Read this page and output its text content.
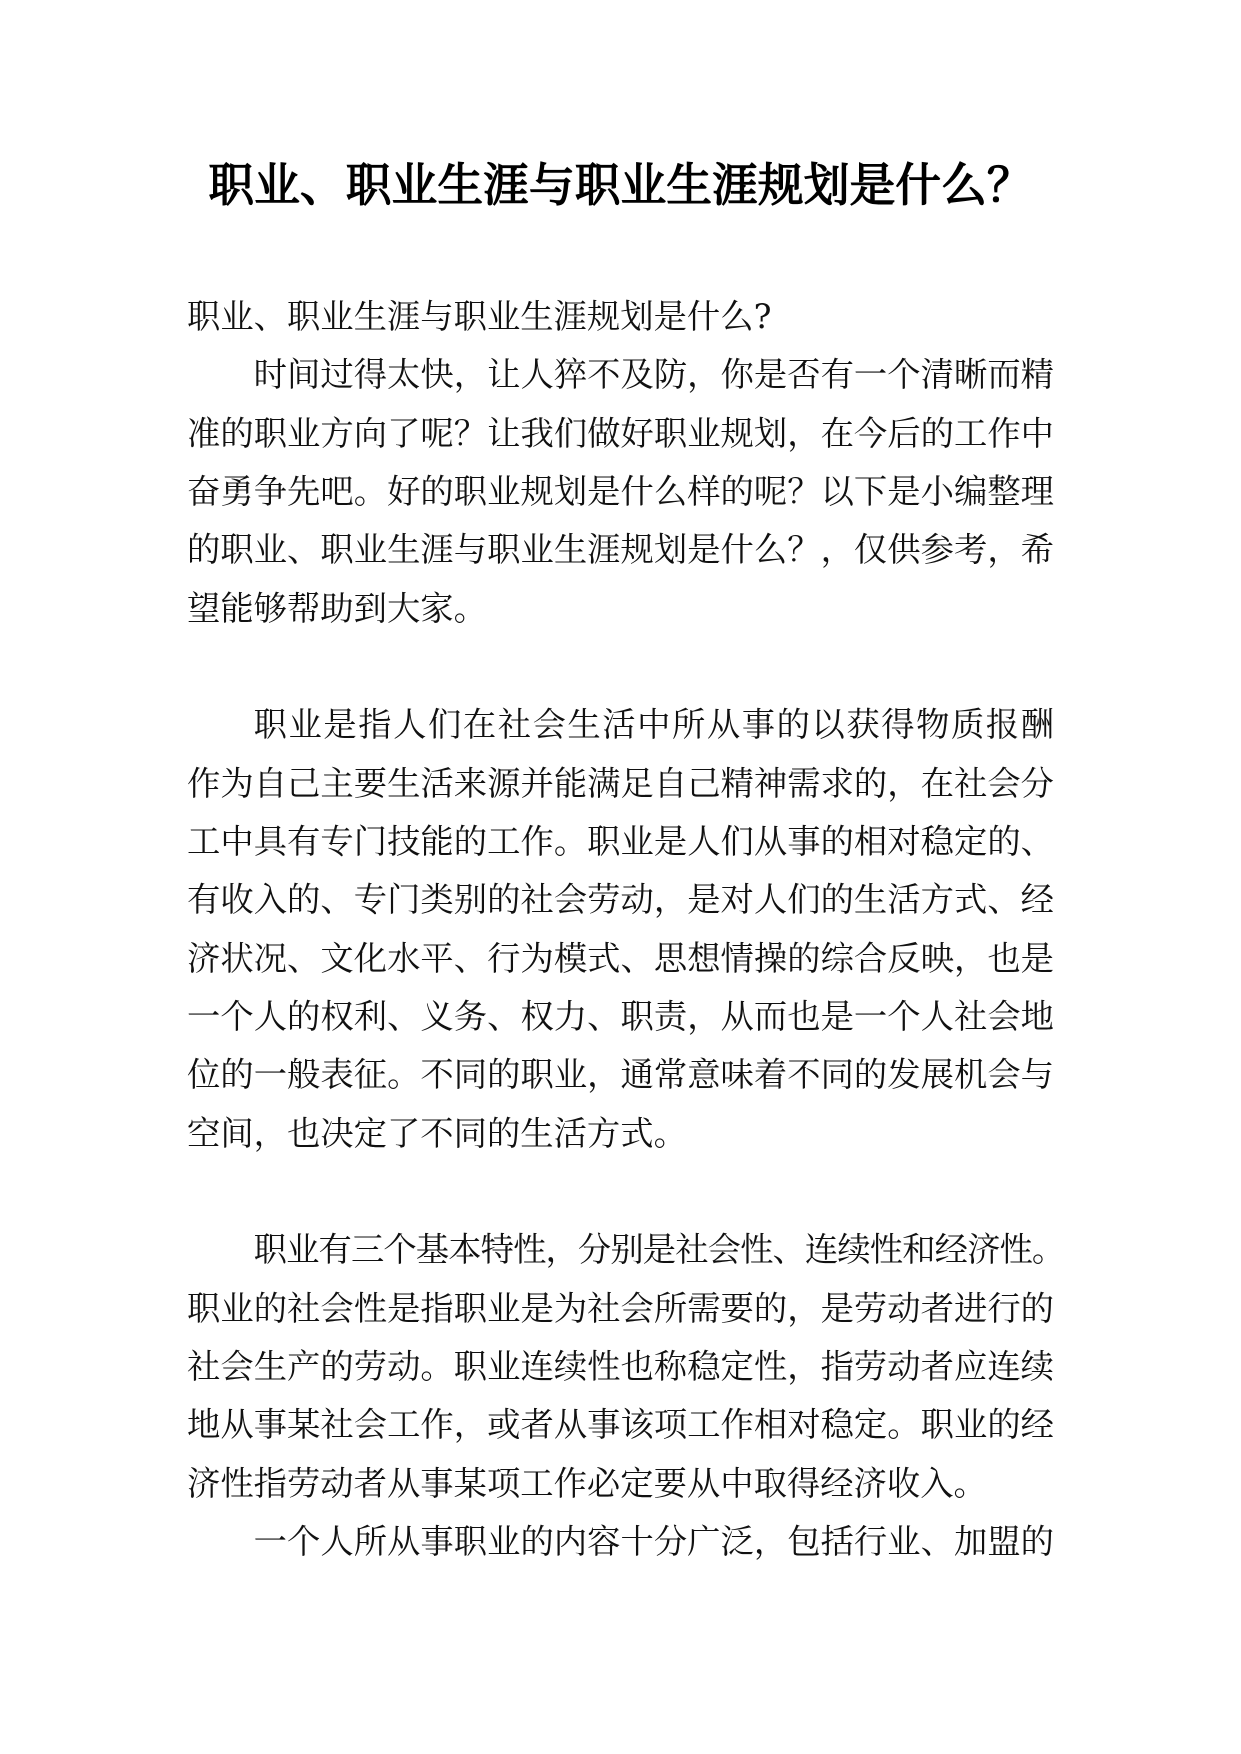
职业、职业生涯与职业生涯规划是什么？
职业、职业生涯与职业生涯规划是什么?
时间过得太快，让人猝不及防，你是否有一个清晰而精
准的职业方向了呢？让我们做好职业规划，在今后的工作中
奋勇争先吧。好的职业规划是什么样的呢？以下是小编整理
的职业、职业生涯与职业生涯规划是什么？，仅供参考，希
望能够帮助到大家。
职业是指人们在社会生活中所从事的以获得物质报酬
作为自己主要生活来源并能满足自己精神需求的，在社会分
工中具有专门技能的工作。职业是人们从事的相对稳定的、
有收入的、专门类别的社会劳动，是对人们的生活方式、经
济状况、文化水平、行为模式、思想情操的综合反映，也是
一个人的权利、义务、权力、职责，从而也是一个人社会地
位的一般表征。不同的职业，通常意味着不同的发展机会与
空间，也决定了不同的生活方式。
职业有三个基本特性，分别是社会性、连续性和经济性。
职业的社会性是指职业是为社会所需要的，是劳动者进行的
社会生产的劳动。职业连续性也称稳定性，指劳动者应连续
地从事某社会工作，或者从事该项工作相对稳定。职业的经
济性指劳动者从事某项工作必定要从中取得经济收入。
一个人所从事职业的内容十分广泛，包括行业、加盟的
